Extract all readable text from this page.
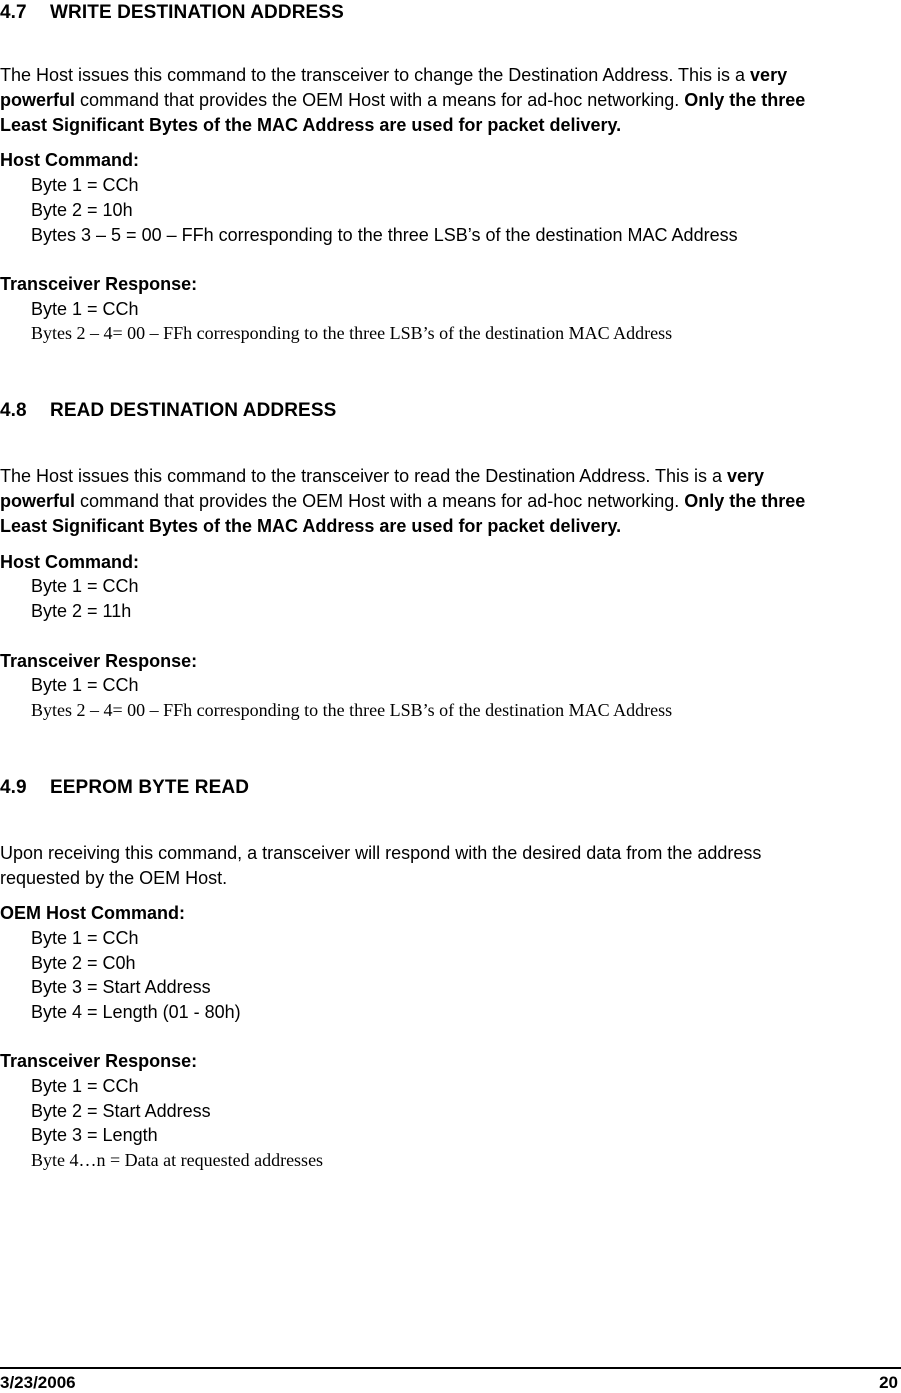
4.7 WRITE DESTINATION ADDRESS
The Host issues this command to the transceiver to change the Destination Address. This is a very
powerful command that provides the OEM Host with a means for ad-hoc networking. Only the three
Least Significant Bytes of the MAC Address are used for packet delivery.
Host Command:
Byte 1 = CCh
Byte 2 = 10h
Bytes 3 – 5 = 00 – FFh corresponding to the three LSB’s of the destination MAC Address
Transceiver Response:
Byte 1 = CCh
Bytes 2 – 4= 00 – FFh corresponding to the three LSB’s of the destination MAC Address
4.8 READ DESTINATION ADDRESS
The Host issues this command to the transceiver to read the Destination Address. This is a very
powerful command that provides the OEM Host with a means for ad-hoc networking. Only the three
Least Significant Bytes of the MAC Address are used for packet delivery.
Host Command:
Byte 1 = CCh
Byte 2 = 11h
Transceiver Response:
Byte 1 = CCh
Bytes 2 – 4= 00 – FFh corresponding to the three LSB’s of the destination MAC Address
4.9 EEPROM BYTE READ
Upon receiving this command, a transceiver will respond with the desired data from the address
requested by the OEM Host.
OEM Host Command:
Byte 1 = CCh
Byte 2 = C0h
Byte 3 = Start Address
Byte 4 = Length (01 - 80h)
Transceiver Response:
Byte 1 = CCh
Byte 2 = Start Address
Byte 3 = Length
Byte 4…n = Data at requested addresses
3/23/2006	20
